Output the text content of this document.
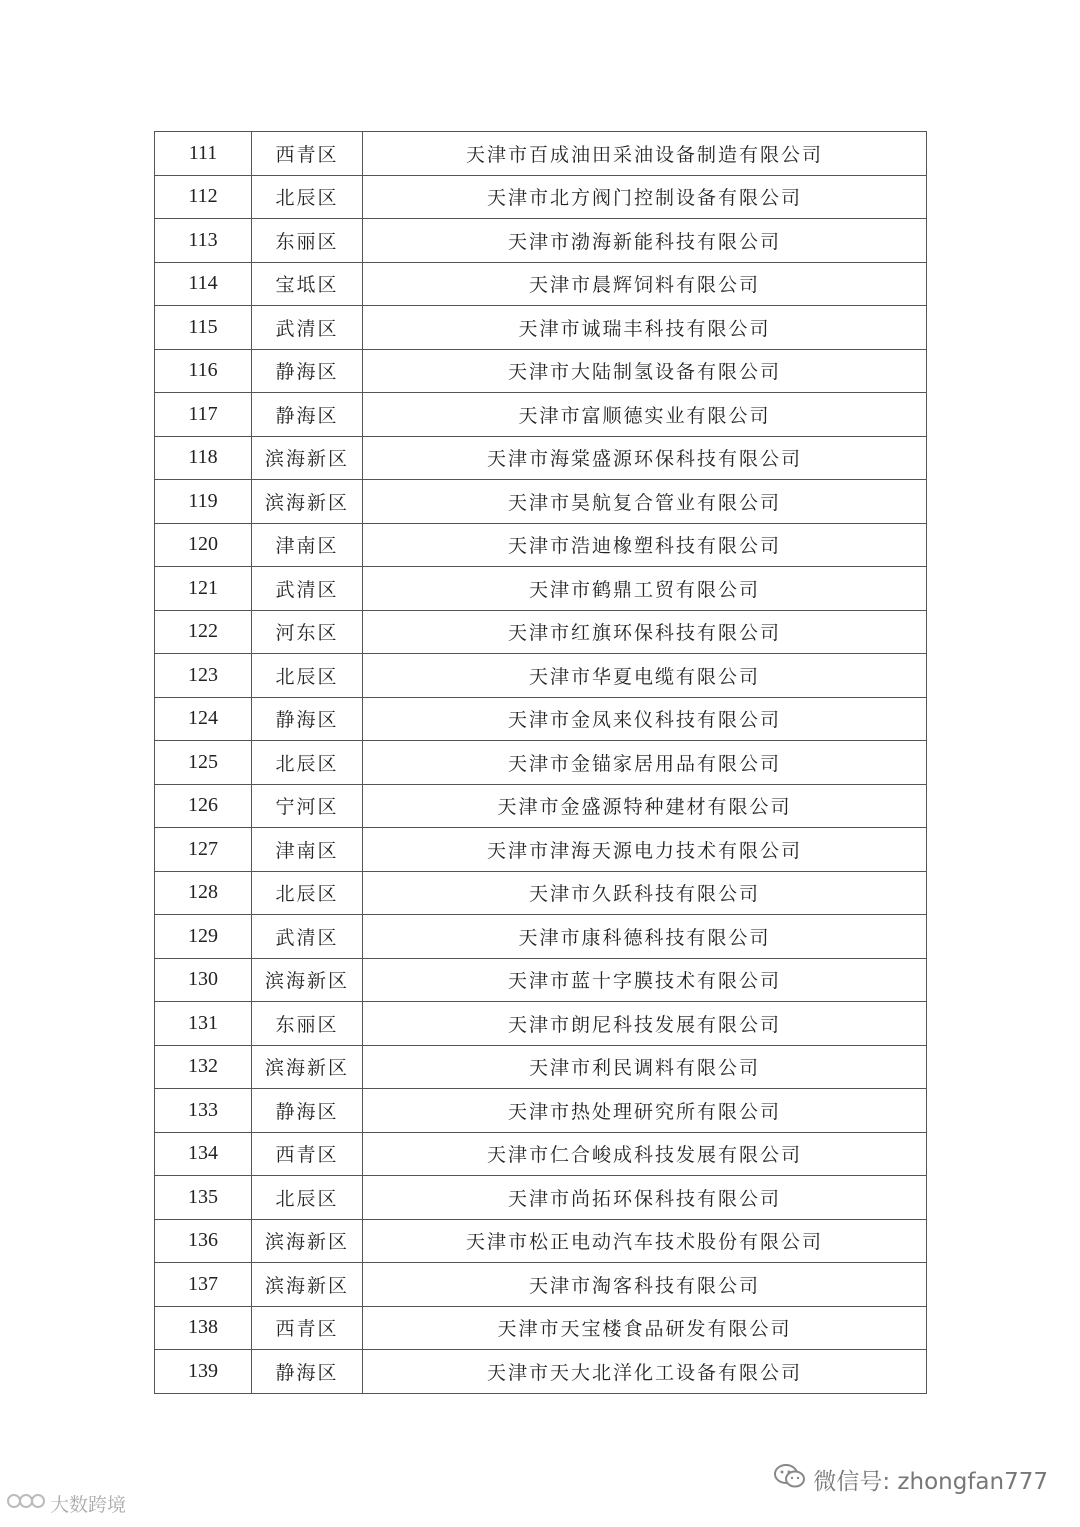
111	西青区	天津市百成油田采油设备制造有限公司
112	北辰区	天津市北方阀门控制设备有限公司
113	东丽区	天津市渤海新能科技有限公司
114	宝坻区	天津市晨辉饲料有限公司
115	武清区	天津市诚瑞丰科技有限公司
116	静海区	天津市大陆制氢设备有限公司
117	静海区	天津市富顺德实业有限公司
118	滨海新区	天津市海棠盛源环保科技有限公司
119	滨海新区	天津市昊航复合管业有限公司
120	津南区	天津市浩迪橡塑科技有限公司
121	武清区	天津市鹤鼎工贸有限公司
122	河东区	天津市红旗环保科技有限公司
123	北辰区	天津市华夏电缆有限公司
124	静海区	天津市金凤来仪科技有限公司
125	北辰区	天津市金锚家居用品有限公司
126	宁河区	天津市金盛源特种建材有限公司
127	津南区	天津市津海天源电力技术有限公司
128	北辰区	天津市久跃科技有限公司
129	武清区	天津市康科德科技有限公司
130	滨海新区	天津市蓝十字膜技术有限公司
131	东丽区	天津市朗尼科技发展有限公司
132	滨海新区	天津市利民调料有限公司
133	静海区	天津市热处理研究所有限公司
134	西青区	天津市仁合峻成科技发展有限公司
135	北辰区	天津市尚拓环保科技有限公司
136	滨海新区	天津市松正电动汽车技术股份有限公司
137	滨海新区	天津市淘客科技有限公司
138	西青区	天津市天宝楼食品研发有限公司
139	静海区	天津市天大北洋化工设备有限公司
微信号: zhongfan777
大数跨境
